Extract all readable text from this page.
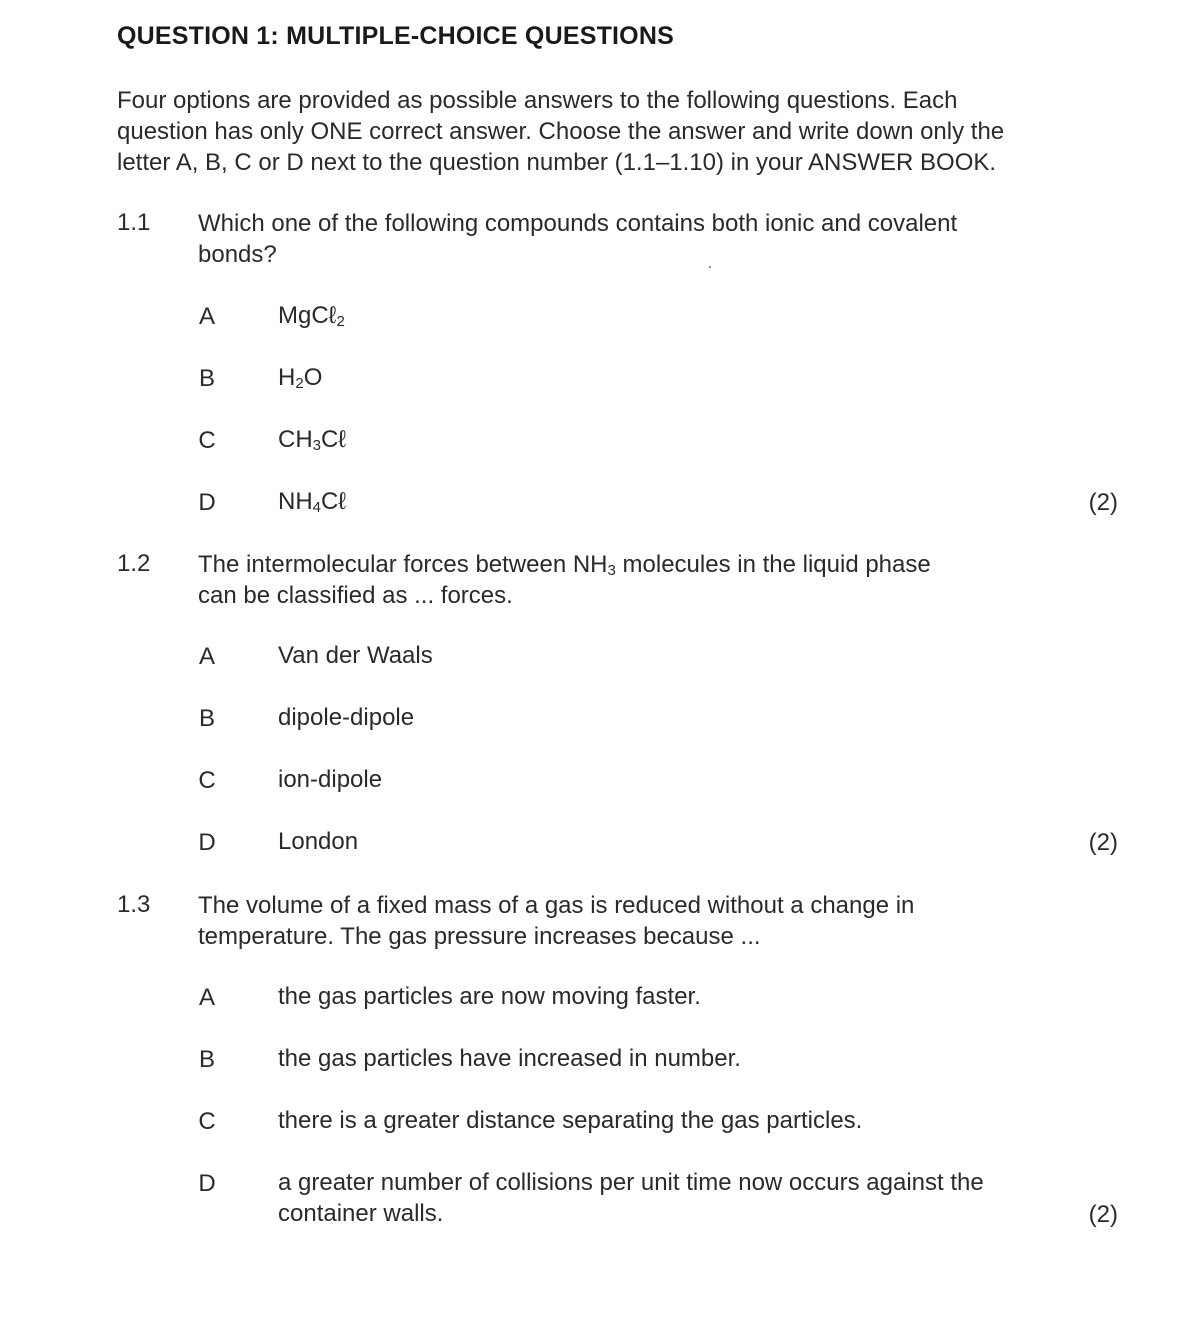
QUESTION 1: MULTIPLE-CHOICE QUESTIONS
Four options are provided as possible answers to the following questions. Each
question has only ONE correct answer. Choose the answer and write down only the
letter A, B, C or D next to the question number (1.1–1.10) in your ANSWER BOOK.
1.1 Which one of the following compounds contains both ionic and covalent
bonds?
A	MgCℓ$_2$
B	$H_2O$
C	$CH_3C\ell$
D	$NH_4C\ell$	(2)
1.2 The intermolecular forces between $NH_3$ molecules in the liquid phase
can be classified as ... forces.
A	Van der Waals
B	dipole-dipole
C	ion-dipole
D	London	(2)
1.3 The volume of a fixed mass of a gas is reduced without a change in
temperature. The gas pressure increases because ...
A	the gas particles are now moving faster.
B	the gas particles have increased in number.
C	there is a greater distance separating the gas particles.
D	a greater number of collisions per unit time now occurs against the
container walls.	(2)
